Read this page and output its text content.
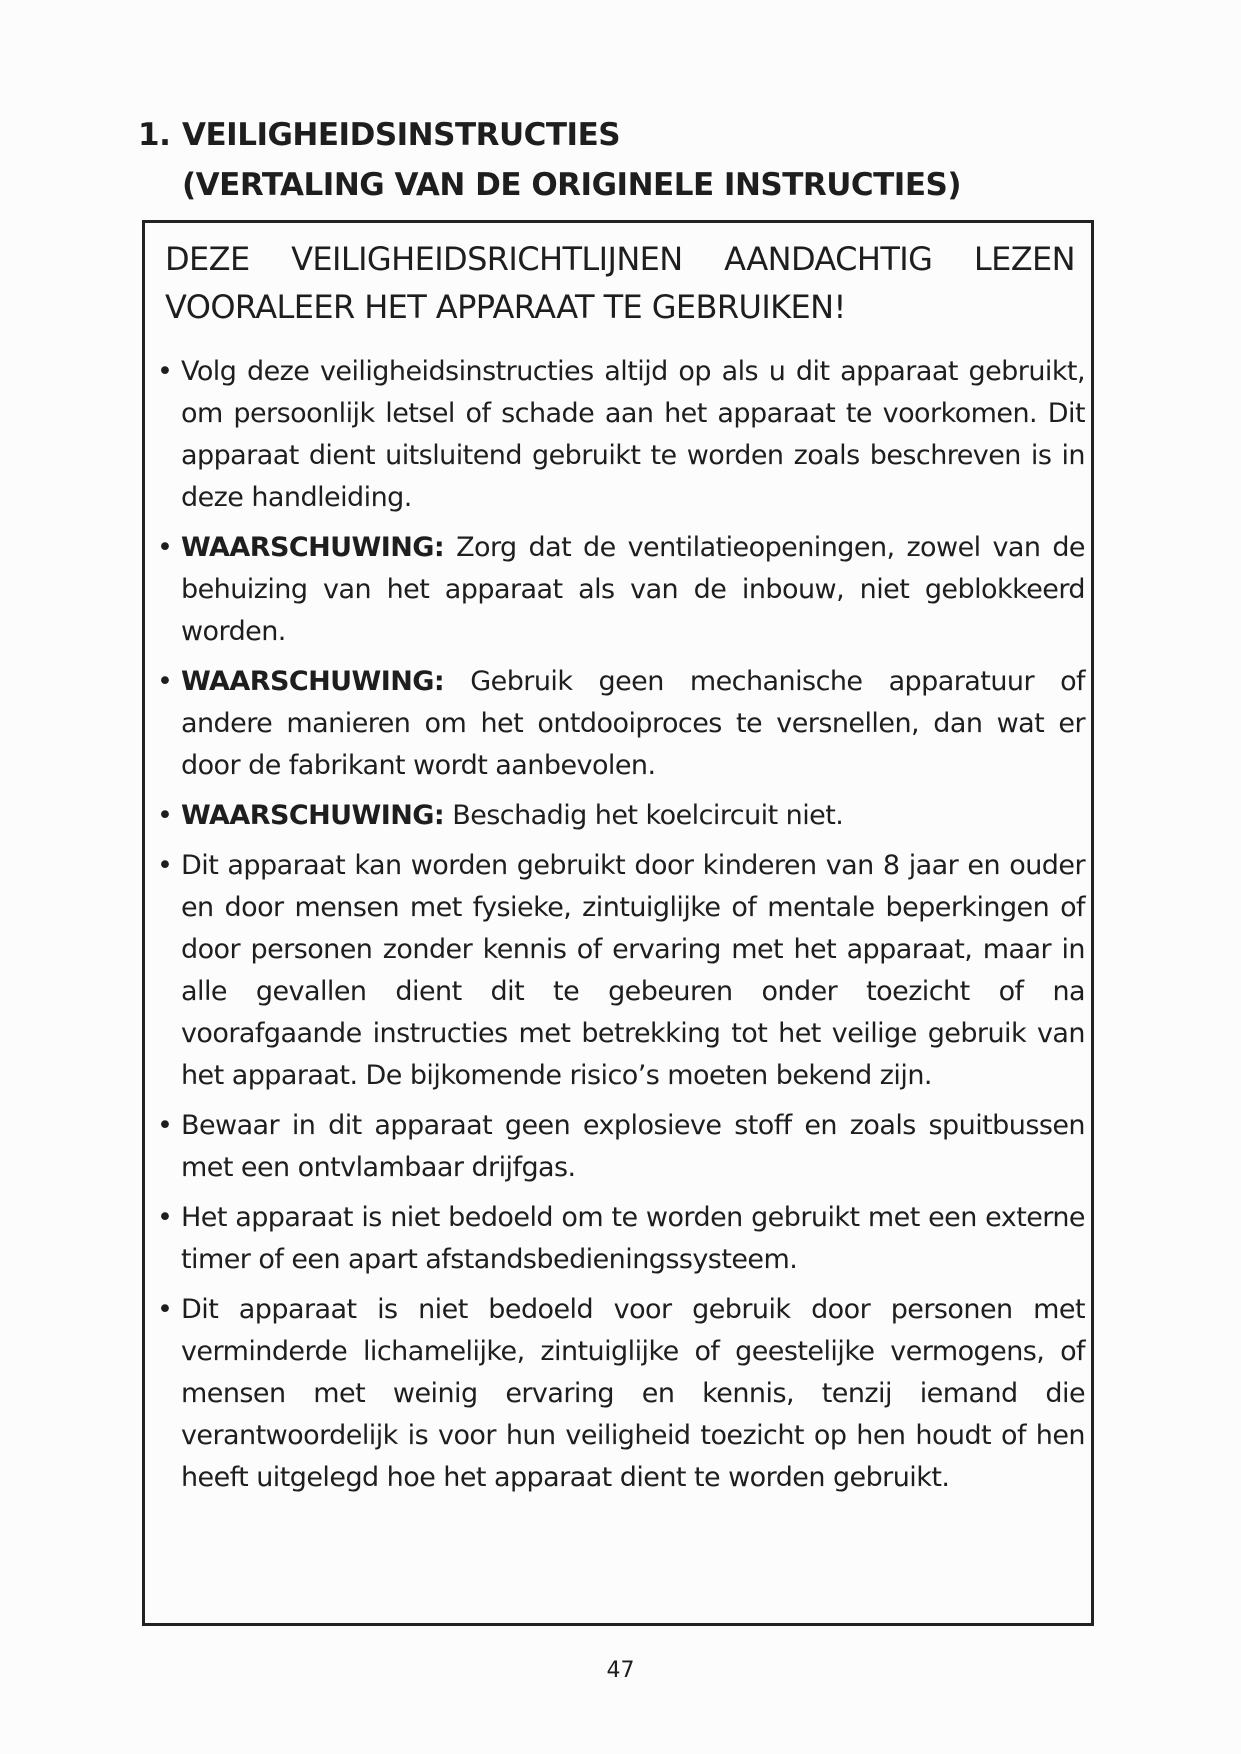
1. VEILIGHEIDSINSTRUCTIES
(VERTALING VAN DE ORIGINELE INSTRUCTIES)

DEZE VEILIGHEIDSRICHTLIJNEN AANDACHTIG LEZEN VOORALEER HET APPARAAT TE GEBRUIKEN!

• Volg deze veiligheidsinstructies altijd op als u dit apparaat gebruikt, om persoonlijk letsel of schade aan het apparaat te voorkomen. Dit apparaat dient uitsluitend gebruikt te worden zoals beschreven is in deze handleiding.
• WAARSCHUWING: Zorg dat de ventilatieopeningen, zowel van de behuizing van het apparaat als van de inbouw, niet geblokkeerd worden.
• WAARSCHUWING: Gebruik geen mechanische apparatuur of andere manieren om het ontdooiproces te versnellen, dan wat er door de fabrikant wordt aanbevolen.
• WAARSCHUWING: Beschadig het koelcircuit niet.
• Dit apparaat kan worden gebruikt door kinderen van 8 jaar en ouder en door mensen met fysieke, zintuiglijke of mentale beperkingen of door personen zonder kennis of ervaring met het apparaat, maar in alle gevallen dient dit te gebeuren onder toezicht of na voorafgaande instructies met betrekking tot het veilige gebruik van het apparaat. De bijkomende risico’s moeten bekend zijn.
• Bewaar in dit apparaat geen explosieve stoff en zoals spuitbussen met een ontvlambaar drijfgas.
• Het apparaat is niet bedoeld om te worden gebruikt met een externe timer of een apart afstandsbedieningssysteem.
• Dit apparaat is niet bedoeld voor gebruik door personen met verminderde lichamelijke, zintuiglijke of geestelijke vermogens, of mensen met weinig ervaring en kennis, tenzij iemand die verantwoordelijk is voor hun veiligheid toezicht op hen houdt of hen heeft uitgelegd hoe het apparaat dient te worden gebruikt.
47
